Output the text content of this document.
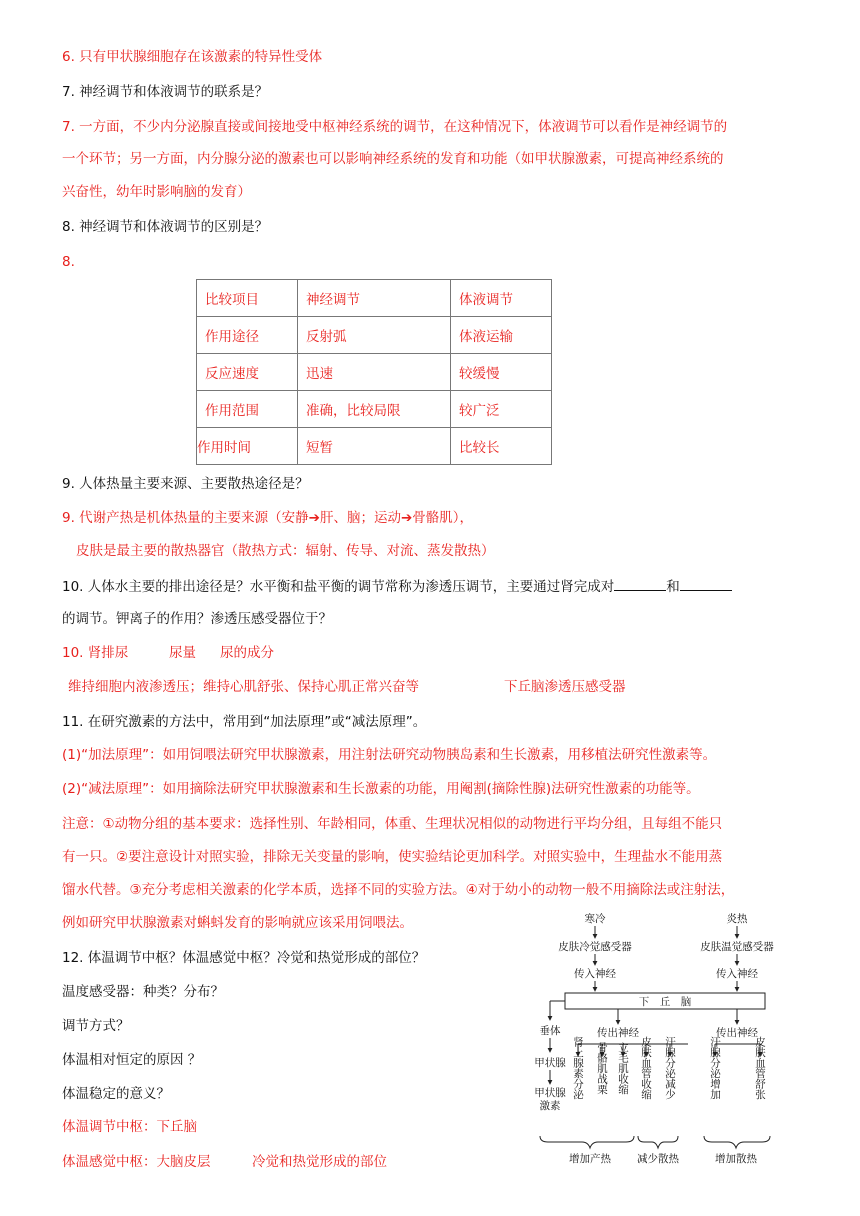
6. 只有甲状腺细胞存在该激素的特异性受体
7. 神经调节和体液调节的联系是？
7. 一方面，不少内分泌腺直接或间接地受中枢神经系统的调节，在这种情况下，体液调节可以看作是神经调节的
一个环节；另一方面，内分腺分泌的激素也可以影响神经系统的发育和功能（如甲状腺激素，可提高神经系统的
兴奋性，幼年时影响脑的发育）
8. 神经调节和体液调节的区别是？
8.
比较项目	神经调节	体液调节
作用途径	反射弧	体液运输
反应速度	迅速	较缓慢
作用范围	准确，比较局限	较广泛
作用时间	短暂	比较长
9. 人体热量主要来源、主要散热途径是？
9. 代谢产热是机体热量的主要来源（安静➔肝、脑；运动➔骨骼肌），
皮肤是最主要的散热器官（散热方式：辐射、传导、对流、蒸发散热）
10. 人体水主要的排出途径是？水平衡和盐平衡的调节常称为渗透压调节，主要通过肾完成对	和
的调节。钾离子的作用？渗透压感受器位于？
10. 肾排尿	尿量 尿的成分
维持细胞内液渗透压；维持心肌舒张、保持心肌正常兴奋等	下丘脑渗透压感受器
11. 在研究激素的方法中，常用到“加法原理”或“减法原理”。
(1)“加法原理”：如用饲喂法研究甲状腺激素，用注射法研究动物胰岛素和生长激素，用移植法研究性激素等。
(2)“减法原理”：如用摘除法研究甲状腺激素和生长激素的功能，用阉割(摘除性腺)法研究性激素的功能等。
注意：①动物分组的基本要求：选择性别、年龄相同，体重、生理状况相似的动物进行平均分组，且每组不能只
有一只。②要注意设计对照实验，排除无关变量的影响，使实验结论更加科学。对照实验中，生理盐水不能用蒸
馏水代替。③充分考虑相关激素的化学本质，选择不同的实验方法。④对于幼小的动物一般不用摘除法或注射法，
例如研究甲状腺激素对蝌蚪发育的影响就应该采用饲喂法。
12. 体温调节中枢？体温感觉中枢？冷觉和热觉形成的部位？
温度感受器：种类？分布？
调节方式？
体温相对恒定的原因 ？
体温稳定的意义？
体温调节中枢：下丘脑
体温感觉中枢：大脑皮层	冷觉和热觉形成的部位
寒冷
皮肤冷觉感受器
传入神经
炎热
皮肤温觉感受器
传入神经
下　丘　脑
垂体
甲状腺
甲状腺
激素
传出神经	传出神经
肾上腺素分泌 骨骼肌战栗 立毛肌收缩 皮肤血管收缩 汗腺分泌减少	汗腺分泌增加	皮肤血管舒张
增加产热 减少散热	增加散热
